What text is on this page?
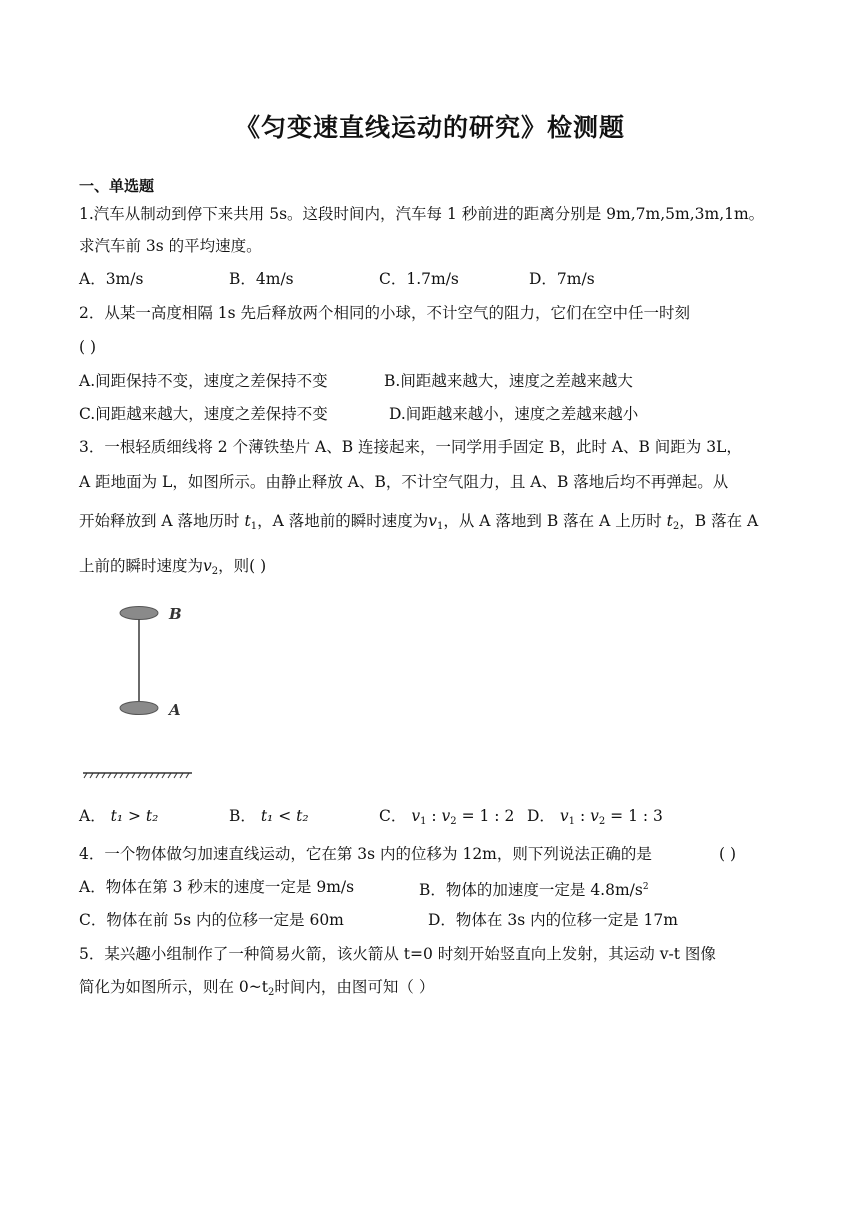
《匀变速直线运动的研究》检测题
一、单选题
1.汽车从制动到停下来共用 5s。这段时间内，汽车每 1 秒前进的距离分别是 9m,7m,5m,3m,1m。
求汽车前 3s 的平均速度。
A．3m/s	B．4m/s	C．1.7m/s	D．7m/s
2．从某一高度相隔 1s 先后释放两个相同的小球，不计空气的阻力，它们在空中任一时刻
( )
A.间距保持不变，速度之差保持不变	B.间距越来越大，速度之差越来越大
C.间距越来越大，速度之差保持不变	D.间距越来越小，速度之差越来越小
3．一根轻质细线将 2 个薄铁垫片 A、B 连接起来，一同学用手固定 B，此时 A、B 间距为 3L，
A 距地面为 L，如图所示。由静止释放 A、B，不计空气阻力，且 A、B 落地后均不再弹起。从
开始释放到 A 落地历时 $t_1$，A 落地前的瞬时速度为$v_1$，从 A 落地到 B 落在 A 上历时 $t_2$，B 落在 A
上前的瞬时速度为$v_2$，则( )
B
A
A． t₁ > t₂	B． t₁ < t₂	C． $v_1$ : $v_2 = 1$ : 2 D． $v_1$ : $v_2 = 1$ : 3
4．一个物体做匀加速直线运动，它在第 3s 内的位移为 12m，则下列说法正确的是	( )
A．物体在第 3 秒末的速度一定是 9m/s	B．物体的加速度一定是 $4.8m/s^2$
C．物体在前 5s 内的位移一定是 60m	D．物体在 3s 内的位移一定是 17m
5．某兴趣小组制作了一种简易火箭，该火箭从 t=0 时刻开始竖直向上发射，其运动 v-t 图像
简化为如图所示，则在 $0\sim t_2$时间内，由图可知（ ）
